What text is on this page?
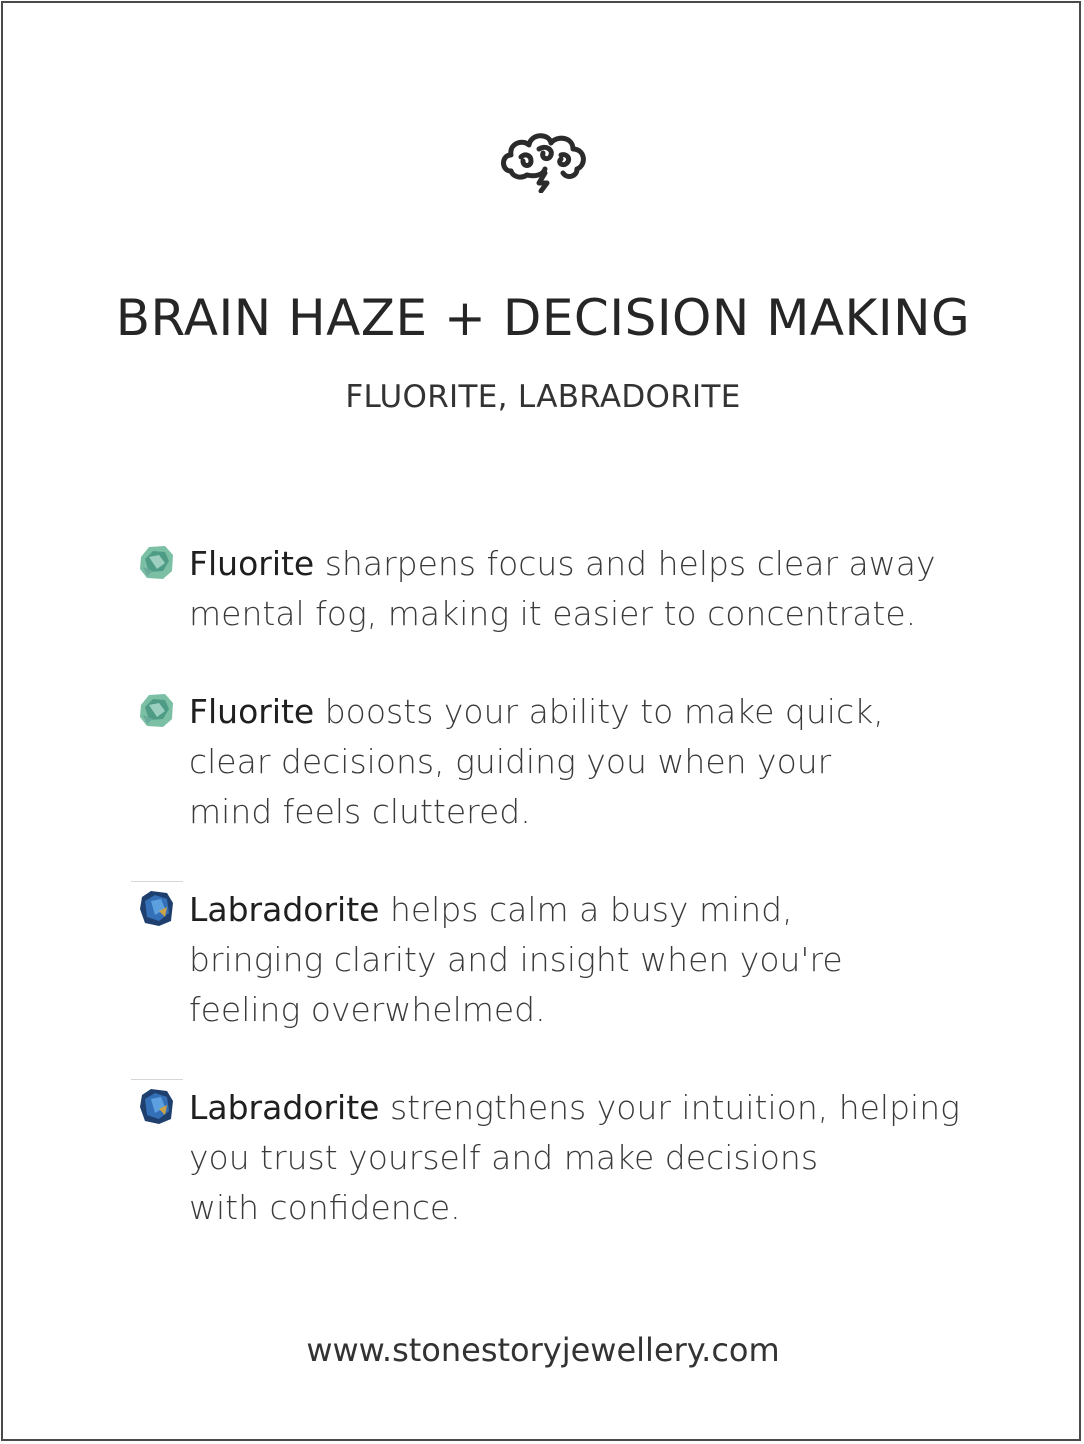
BRAIN HAZE + DECISION MAKING
FLUORITE, LABRADORITE

Fluorite sharpens focus and helps clear away
mental fog, making it easier to concentrate.

Fluorite boosts your ability to make quick,
clear decisions, guiding you when your
mind feels cluttered.

Labradorite helps calm a busy mind,
bringing clarity and insight when you're
feeling overwhelmed.

Labradorite strengthens your intuition, helping
you trust yourself and make decisions
with confidence.

www.stonestoryjewellery.com
